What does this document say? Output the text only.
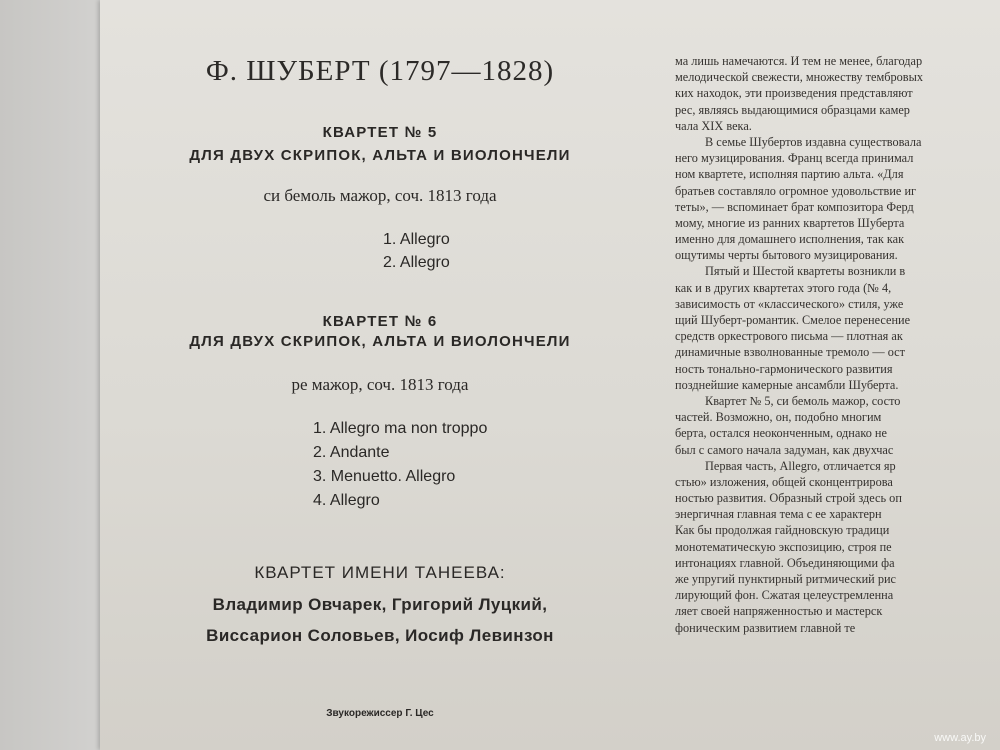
Ф. ШУБЕРТ (1797—1828)
КВАРТЕТ № 5
ДЛЯ ДВУХ СКРИПОК, АЛЬТА И ВИОЛОНЧЕЛИ
си бемоль мажор, соч. 1813 года
1. Allegro
2. Allegro
КВАРТЕТ № 6
ДЛЯ ДВУХ СКРИПОК, АЛЬТА И ВИОЛОНЧЕЛИ
ре мажор, соч. 1813 года
1. Allegro ma non troppo
2. Andante
3. Menuetto. Allegro
4. Allegro
КВАРТЕТ ИМЕНИ ТАНЕЕВА:
Владимир Овчарек, Григорий Луцкий,
Виссарион Соловьев, Иосиф Левинзон
Звукорежиссер Г. Цес
ма лишь намечаются. И тем не менее, благодар
мелодической свежести, множеству тембровых
ких находок, эти произведения представляют
рес, являясь выдающимися образцами камер
чала XIX века.
В семье Шубертов издавна существовала
него музицирования. Франц всегда принимал
ном квартете, исполняя партию альта. «Для
братьев составляло огромное удовольствие иг
теты», — вспоминает брат композитора Ферд
мому, многие из ранних квартетов Шуберта
именно для домашнего исполнения, так как
ощутимы черты бытового музицирования.
Пятый и Шестой квартеты возникли в
как и в других квартетах этого года (№ 4,
зависимость от «классического» стиля, уже
щий Шуберт-романтик. Смелое перенесение
средств оркестрового письма — плотная ак
динамичные взволнованные тремоло — ост
ность тонально-гармонического развития
позднейшие камерные ансамбли Шуберта.
Квартет № 5, си бемоль мажор, состо
частей. Возможно, он, подобно многим
берта, остался неоконченным, однако не
был с самого начала задуман, как двухчас
Первая часть, Allegro, отличается яр
стью» изложения, общей сконцентрирова
ностью развития. Образный строй здесь оп
энергичная главная тема с ее характерн
Как бы продолжая гайдновскую традици
монотематическую экспозицию, строя пе
интонациях главной. Объединяющими фа
же упругий пунктирный ритмический рис
лирующий фон. Сжатая целеустремленна
ляет своей напряженностью и мастерск
фоническим развитием главной те
www.ay.by
